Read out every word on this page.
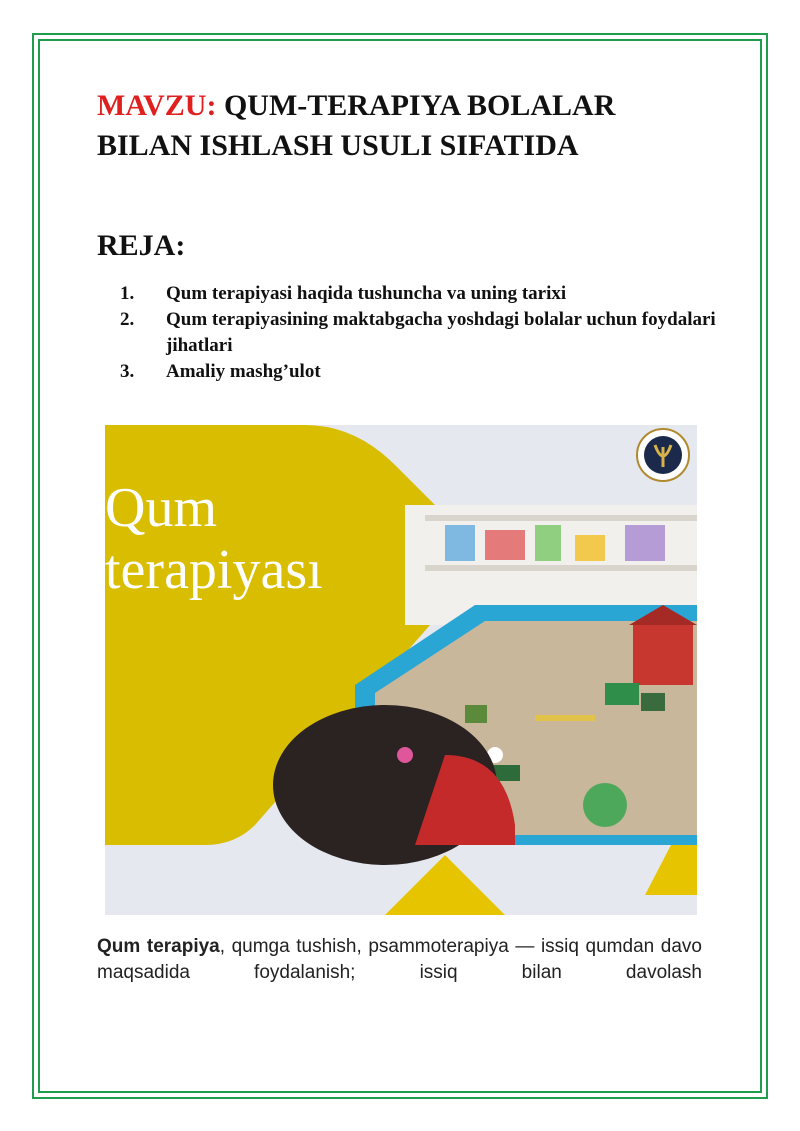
MAVZU: QUM-TERAPIYA BOLALAR BILAN ISHLASH USULI SIFATIDA
REJA:
1.	Qum terapiyasi haqida tushuncha va uning tarixi
2.	Qum terapiyasining maktabgacha yoshdagi bolalar uchun foydalari jihatlari
3.	Amaliy mashg’ulot
Qum
terapiyası

Qum terapiya, qumga tushish, psammoterapiya — issiq qumdan davo maqsadida foydalanish; issiq bilan davolash
